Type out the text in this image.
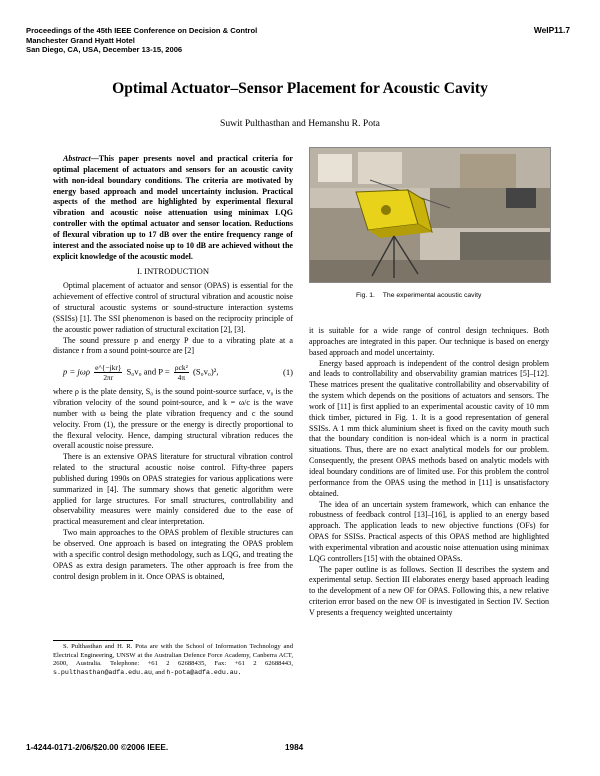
Proceedings of the 45th IEEE Conference on Decision & Control
Manchester Grand Hyatt Hotel
San Diego, CA, USA, December 13-15, 2006
WeIP11.7
Optimal Actuator–Sensor Placement for Acoustic Cavity
Suwit Pulthasthan and Hemanshu R. Pota

Abstract—This paper presents novel and practical criteria for optimal placement of actuators and sensors for an acoustic cavity with non-ideal boundary conditions. The criteria are motivated by energy based approach and model uncertainty inclusion. Practical aspects of the method are highlighted by experimental flexural vibration and acoustic noise attenuation using minimax LQG controller with the optimal actuator and sensor location. Reductions of flexural vibration up to 17 dB over the entire frequency range of interest and the associated noise up to 10 dB are achieved without the explicit knowledge of the acoustic model.

I. INTRODUCTION

Optimal placement of actuator and sensor (OPAS) is essential for the achievement of effective control of structural vibration and acoustic noise of structural acoustic systems or sound-structure interaction systems (SSISs) [1]. The SSI phenomenon is based on the reciprocity principle of the acoustic power radiation of structural excitation [2], [3].

The sound pressure p and energy P due to a vibrating plate at a distance r from a sound point-source are [2]

p = jωρ $\frac{\text{e\textasciicircum{}\{−jkr\}}}{2\pi r} S_0v_0$ and $P = \frac{\text{ρck²}}{4\pi} (S_0v_0)^2$,	(1)

where ρ is the plate density, S₀ is the sound point-source surface, v₀ is the vibration velocity of the sound point-source, and k = ω/c is the wave number with ω being the plate vibration frequency and c the sound velocity. From (1), the pressure or the energy is directly proportional to the flexural velocity. Hence, damping structural vibration reduces the overall acoustic noise pressure.

There is an extensive OPAS literature for structural vibration control related to the structural acoustic noise control. Fifty-three papers published during 1990s on OPAS strategies for various applications were summarized in [4]. The summary shows that genetic algorithm were applied for large structures. For small structures, controllability and observability measures were mainly considered due to the ease of practical measurement and clear interpretation.

Two main approaches to the OPAS problem of flexible structures can be observed. One approach is based on integrating the OPAS problem with a specific control design methodology, such as LQG, and treating the OPAS as extra design parameters. The other approach is free from the control design problem in it. Once OPAS is obtained,

S. Pulthasthan and H. R. Pota are with the School of Information Technology and Electrical Engineering, UNSW at the Australian Defence Force Academy, Canberra ACT, 2600, Australia. Telephone: +61 2 62688435, Fax: +61 2 62688443, s.pulthasthan@adfa.edu.au, and h-pota@adfa.edu.au.
Fig. 1. The experimental acoustic cavity

it is suitable for a wide range of control design techniques. Both approaches are integrated in this paper. Our technique is based on energy based approach and model uncertainty.

Energy based approach is independent of the control design problem and leads to controllability and observability gramian matrices [5]–[12]. These matrices present the qualitative controllability and observability of the system which depends on the positions of actuators and sensors. The work of [11] is first applied to an experimental acoustic cavity of 10 mm thick timber, pictured in Fig. 1. It is a good representation of general SSISs. A 1 mm thick aluminium sheet is fixed on the cavity mouth such that the boundary condition is non-ideal which is a norm in practical situations. Thus, there are no exact analytical models for our problem. Consequently, the present OPAS methods based on analytic models with ideal boundary conditions are of limited use. For this problem the control performance from the OPAS using the method in [11] is unsatisfactory obtained.

The idea of an uncertain system framework, which can enhance the robustness of feedback control [13]–[16], is applied to an energy based approach. The application leads to new objective functions (OFs) for OPAS for SSISs. Practical aspects of this OPAS method are highlighted with experimental vibration and acoustic noise attenuation using minimax LQG controllers [15] with the obtained OPASs.

The paper outline is as follows. Section II describes the system and experimental setup. Section III elaborates energy based approach leading to the development of a new OF for OPAS. Following this, a new relative criterion error based on the new OF is investigated in Section IV. Section V presents a frequency weighted uncertainty

1-4244-0171-2/06/$20.00 ©2006 IEEE.	1984
